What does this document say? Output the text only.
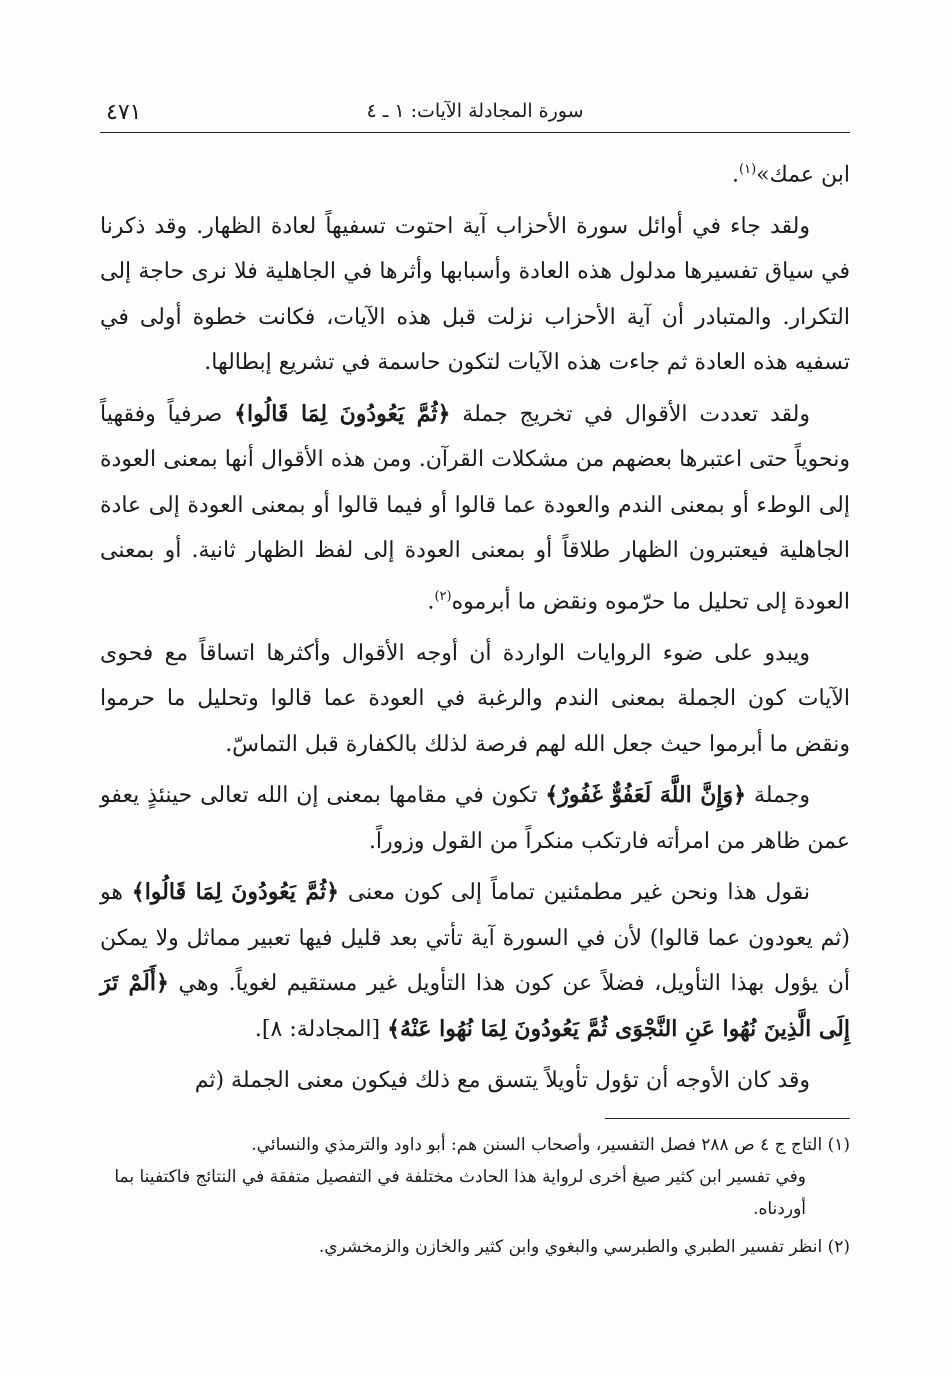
سورة المجادلة الآيات: ١ ـ ٤
٤٧١

ابن عمك»$^{(١)}$.

ولقد جاء في أوائل سورة الأحزاب آية احتوت تسفيهاً لعادة الظهار. وقد ذكرنا في سياق تفسيرها مدلول هذه العادة وأسبابها وأثرها في الجاهلية فلا نرى حاجة إلى التكرار. والمتبادر أن آية الأحزاب نزلت قبل هذه الآيات، فكانت خطوة أولى في تسفيه هذه العادة ثم جاءت هذه الآيات لتكون حاسمة في تشريع إبطالها.

ولقد تعددت الأقوال في تخريج جملة ﴿ثُمَّ يَعُودُونَ لِمَا قَالُوا﴾ صرفياً وفقهياً ونحوياً حتى اعتبرها بعضهم من مشكلات القرآن. ومن هذه الأقوال أنها بمعنى العودة إلى الوطء أو بمعنى الندم والعودة عما قالوا أو فيما قالوا أو بمعنى العودة إلى عادة الجاهلية فيعتبرون الظهار طلاقاً أو بمعنى العودة إلى لفظ الظهار ثانية. أو بمعنى العودة إلى تحليل ما حرّموه ونقض ما أبرموه$^{(٢)}$.

ويبدو على ضوء الروايات الواردة أن أوجه الأقوال وأكثرها اتساقاً مع فحوى الآيات كون الجملة بمعنى الندم والرغبة في العودة عما قالوا وتحليل ما حرموا ونقض ما أبرموا حيث جعل الله لهم فرصة لذلك بالكفارة قبل التماسّ.

وجملة ﴿وَإِنَّ اللَّهَ لَعَفُوٌّ غَفُورٌ﴾ تكون في مقامها بمعنى إن الله تعالى حينئذٍ يعفو عمن ظاهر من امرأته فارتكب منكراً من القول وزوراً.

نقول هذا ونحن غير مطمئنين تماماً إلى كون معنى ﴿ثُمَّ يَعُودُونَ لِمَا قَالُوا﴾ هو (ثم يعودون عما قالوا) لأن في السورة آية تأتي بعد قليل فيها تعبير مماثل ولا يمكن أن يؤول بهذا التأويل، فضلاً عن كون هذا التأويل غير مستقيم لغوياً. وهي ﴿أَلَمْ تَرَ إِلَى الَّذِينَ نُهُوا عَنِ النَّجْوَى ثُمَّ يَعُودُونَ لِمَا نُهُوا عَنْهُ﴾ [المجادلة: ٨].

وقد كان الأوجه أن تؤول تأويلاً يتسق مع ذلك فيكون معنى الجملة (ثم

(١) التاج ج ٤ ص ٢٨٨ فصل التفسير، وأصحاب السنن هم: أبو داود والترمذي والنسائي.

وفي تفسير ابن كثير صيغ أخرى لرواية هذا الحادث مختلفة في التفصيل متفقة في النتائج فاكتفينا بما أوردناه.

(٢) انظر تفسير الطبري والطبرسي والبغوي وابن كثير والخازن والزمخشري.
